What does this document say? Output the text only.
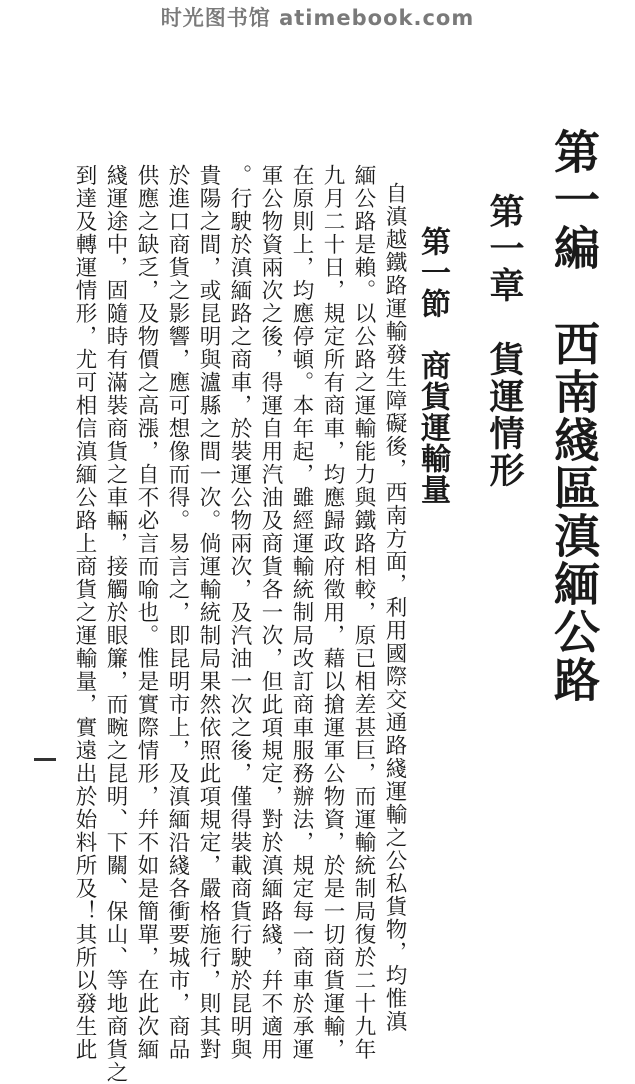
时光图书馆 atimebook.com
第一編　西南綫區滇緬公路
第一章　貨運情形
第一節　商貨運輸量

自滇越鐵路運輸發生障礙後，西南方面，利用國際交通路綫運輸之公私貨物，均惟滇

緬公路是賴。以公路之運輸能力與鐵路相較，原已相差甚巨，而運輸統制局復於二十九年

九月二十日，規定所有商車，均應歸政府徵用，藉以搶運軍公物資，於是一切商貨運輸，

在原則上，均應停頓。本年起，雖經運輸統制局改訂商車服務辦法，規定每一商車於承運

軍公物資兩次之後，得運自用汽油及商貨各一次，但此項規定，對於滇緬路綫，幷不適用

。行駛於滇緬路之商車，於裝運公物兩次，及汽油一次之後，僅得裝載商貨行駛於昆明與

貴陽之間，或昆明與瀘縣之間一次。倘運輸統制局果然依照此項規定，嚴格施行，則其對

於進口商貨之影響，應可想像而得。易言之，即昆明市上，及滇緬沿綫各衝要城市，商品

供應之缺乏，及物價之高漲，自不必言而喻也。惟是實際情形，幷不如是簡單，在此次緬

綫運途中，固隨時有滿裝商貨之車輛，接觸於眼簾，而畹之昆明、下關、保山、等地商貨之

到達及轉運情形，尤可相信滇緬公路上商貨之運輸量，實遠出於始料所及！其所以發生此
